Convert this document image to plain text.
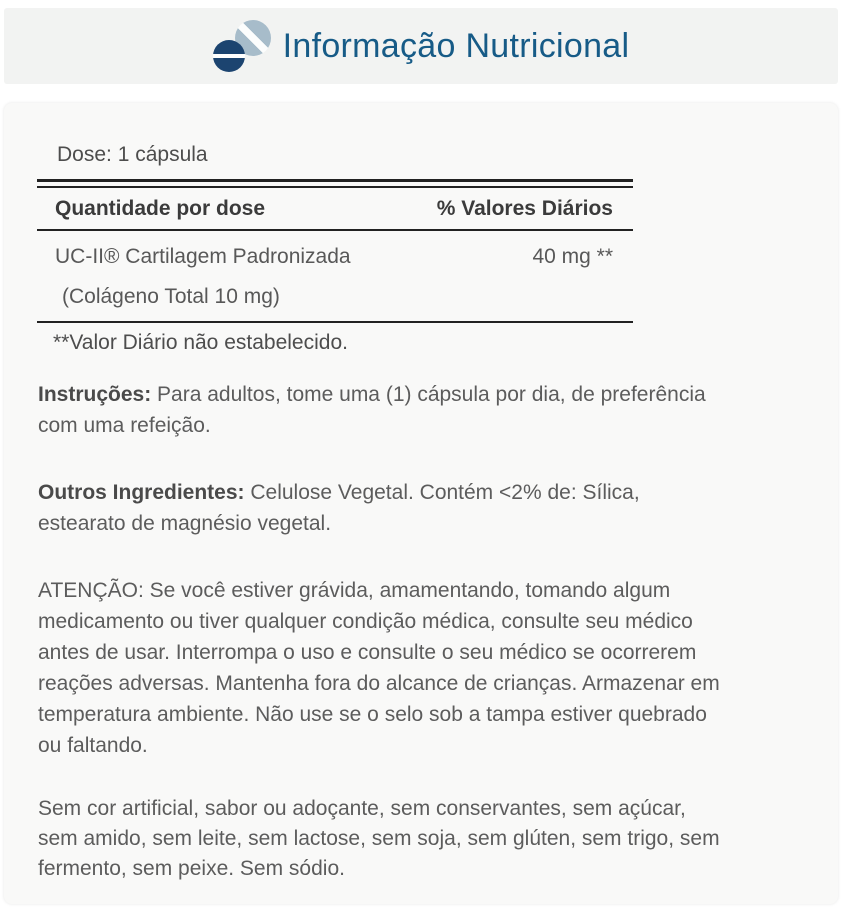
Informação Nutricional
Dose: 1 cápsula
Quantidade por dose	% Valores Diários
UC-II® Cartilagem Padronizada	40 mg **
(Colágeno Total 10 mg)
**Valor Diário não estabelecido.

Instruções: Para adultos, tome uma (1) cápsula por dia, de preferência
com uma refeição.

Outros Ingredientes: Celulose Vegetal. Contém <2% de: Sílica,
estearato de magnésio vegetal.

ATENÇÃO: Se você estiver grávida, amamentando, tomando algum
medicamento ou tiver qualquer condição médica, consulte seu médico
antes de usar. Interrompa o uso e consulte o seu médico se ocorrerem
reações adversas. Mantenha fora do alcance de crianças. Armazenar em
temperatura ambiente. Não use se o selo sob a tampa estiver quebrado
ou faltando.

Sem cor artificial, sabor ou adoçante, sem conservantes, sem açúcar,
sem amido, sem leite, sem lactose, sem soja, sem glúten, sem trigo, sem
fermento, sem peixe. Sem sódio.
